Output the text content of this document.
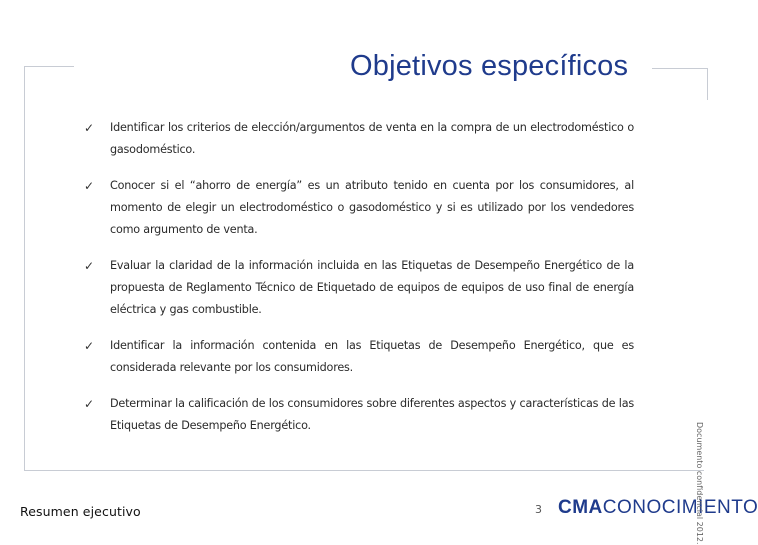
Objetivos específicos
✓ Identificar los criterios de elección/argumentos de venta en la compra de un electrodoméstico o gasodoméstico.
✓ Conocer si el “ahorro de energía” es un atributo tenido en cuenta por los consumidores, al momento de elegir un electrodoméstico o gasodoméstico y si es utilizado por los vendedores como argumento de venta.
✓ Evaluar la claridad de la información incluida en las Etiquetas de Desempeño Energético de la propuesta de Reglamento Técnico de Etiquetado de equipos de equipos de uso final de energía eléctrica y gas combustible.
✓ Identificar la información contenida en las Etiquetas de Desempeño Energético, que es considerada relevante por los consumidores.
✓ Determinar la calificación de los consumidores sobre diferentes aspectos y características de las Etiquetas de Desempeño Energético.
Resumen ejecutivo	3 CMACONOCIMIENTO
Documento confidencial 2012.
